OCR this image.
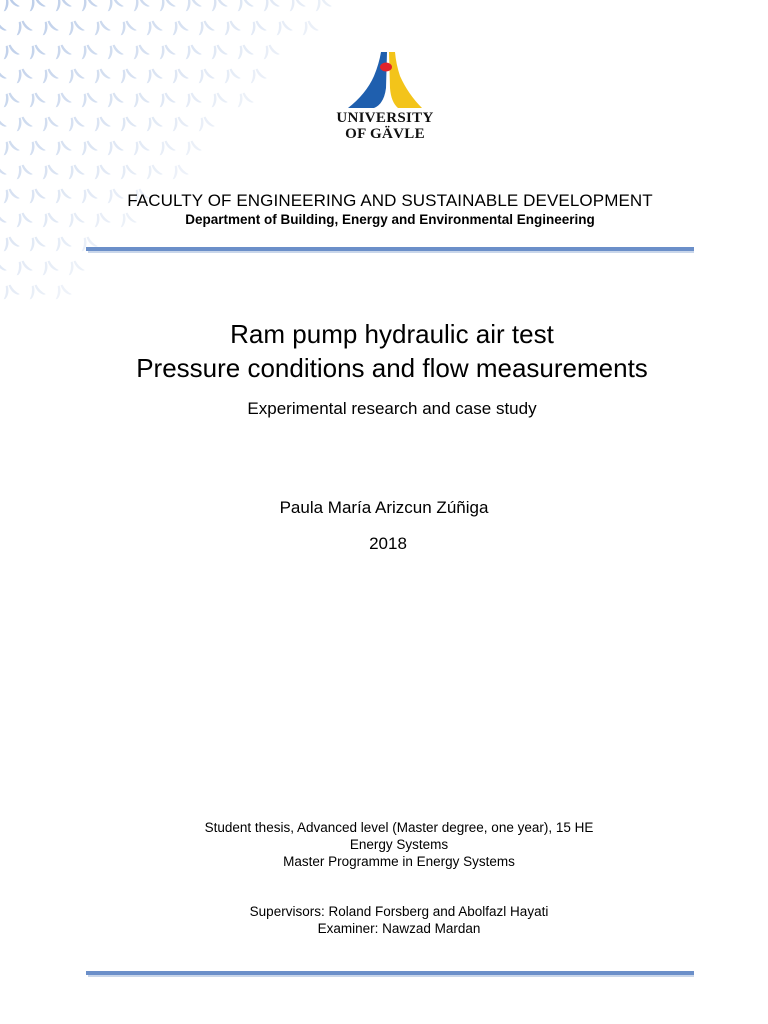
UNIVERSITY
OF GÄVLE
FACULTY OF ENGINEERING AND SUSTAINABLE DEVELOPMENT
Department of Building, Energy and Environmental Engineering
Ram pump hydraulic air test
Pressure conditions and flow measurements
Experimental research and case study
Paula María Arizcun Zúñiga
2018
Student thesis, Advanced level (Master degree, one year), 15 HE
Energy Systems
Master Programme in Energy Systems
Supervisors: Roland Forsberg and Abolfazl Hayati
Examiner: Nawzad Mardan
